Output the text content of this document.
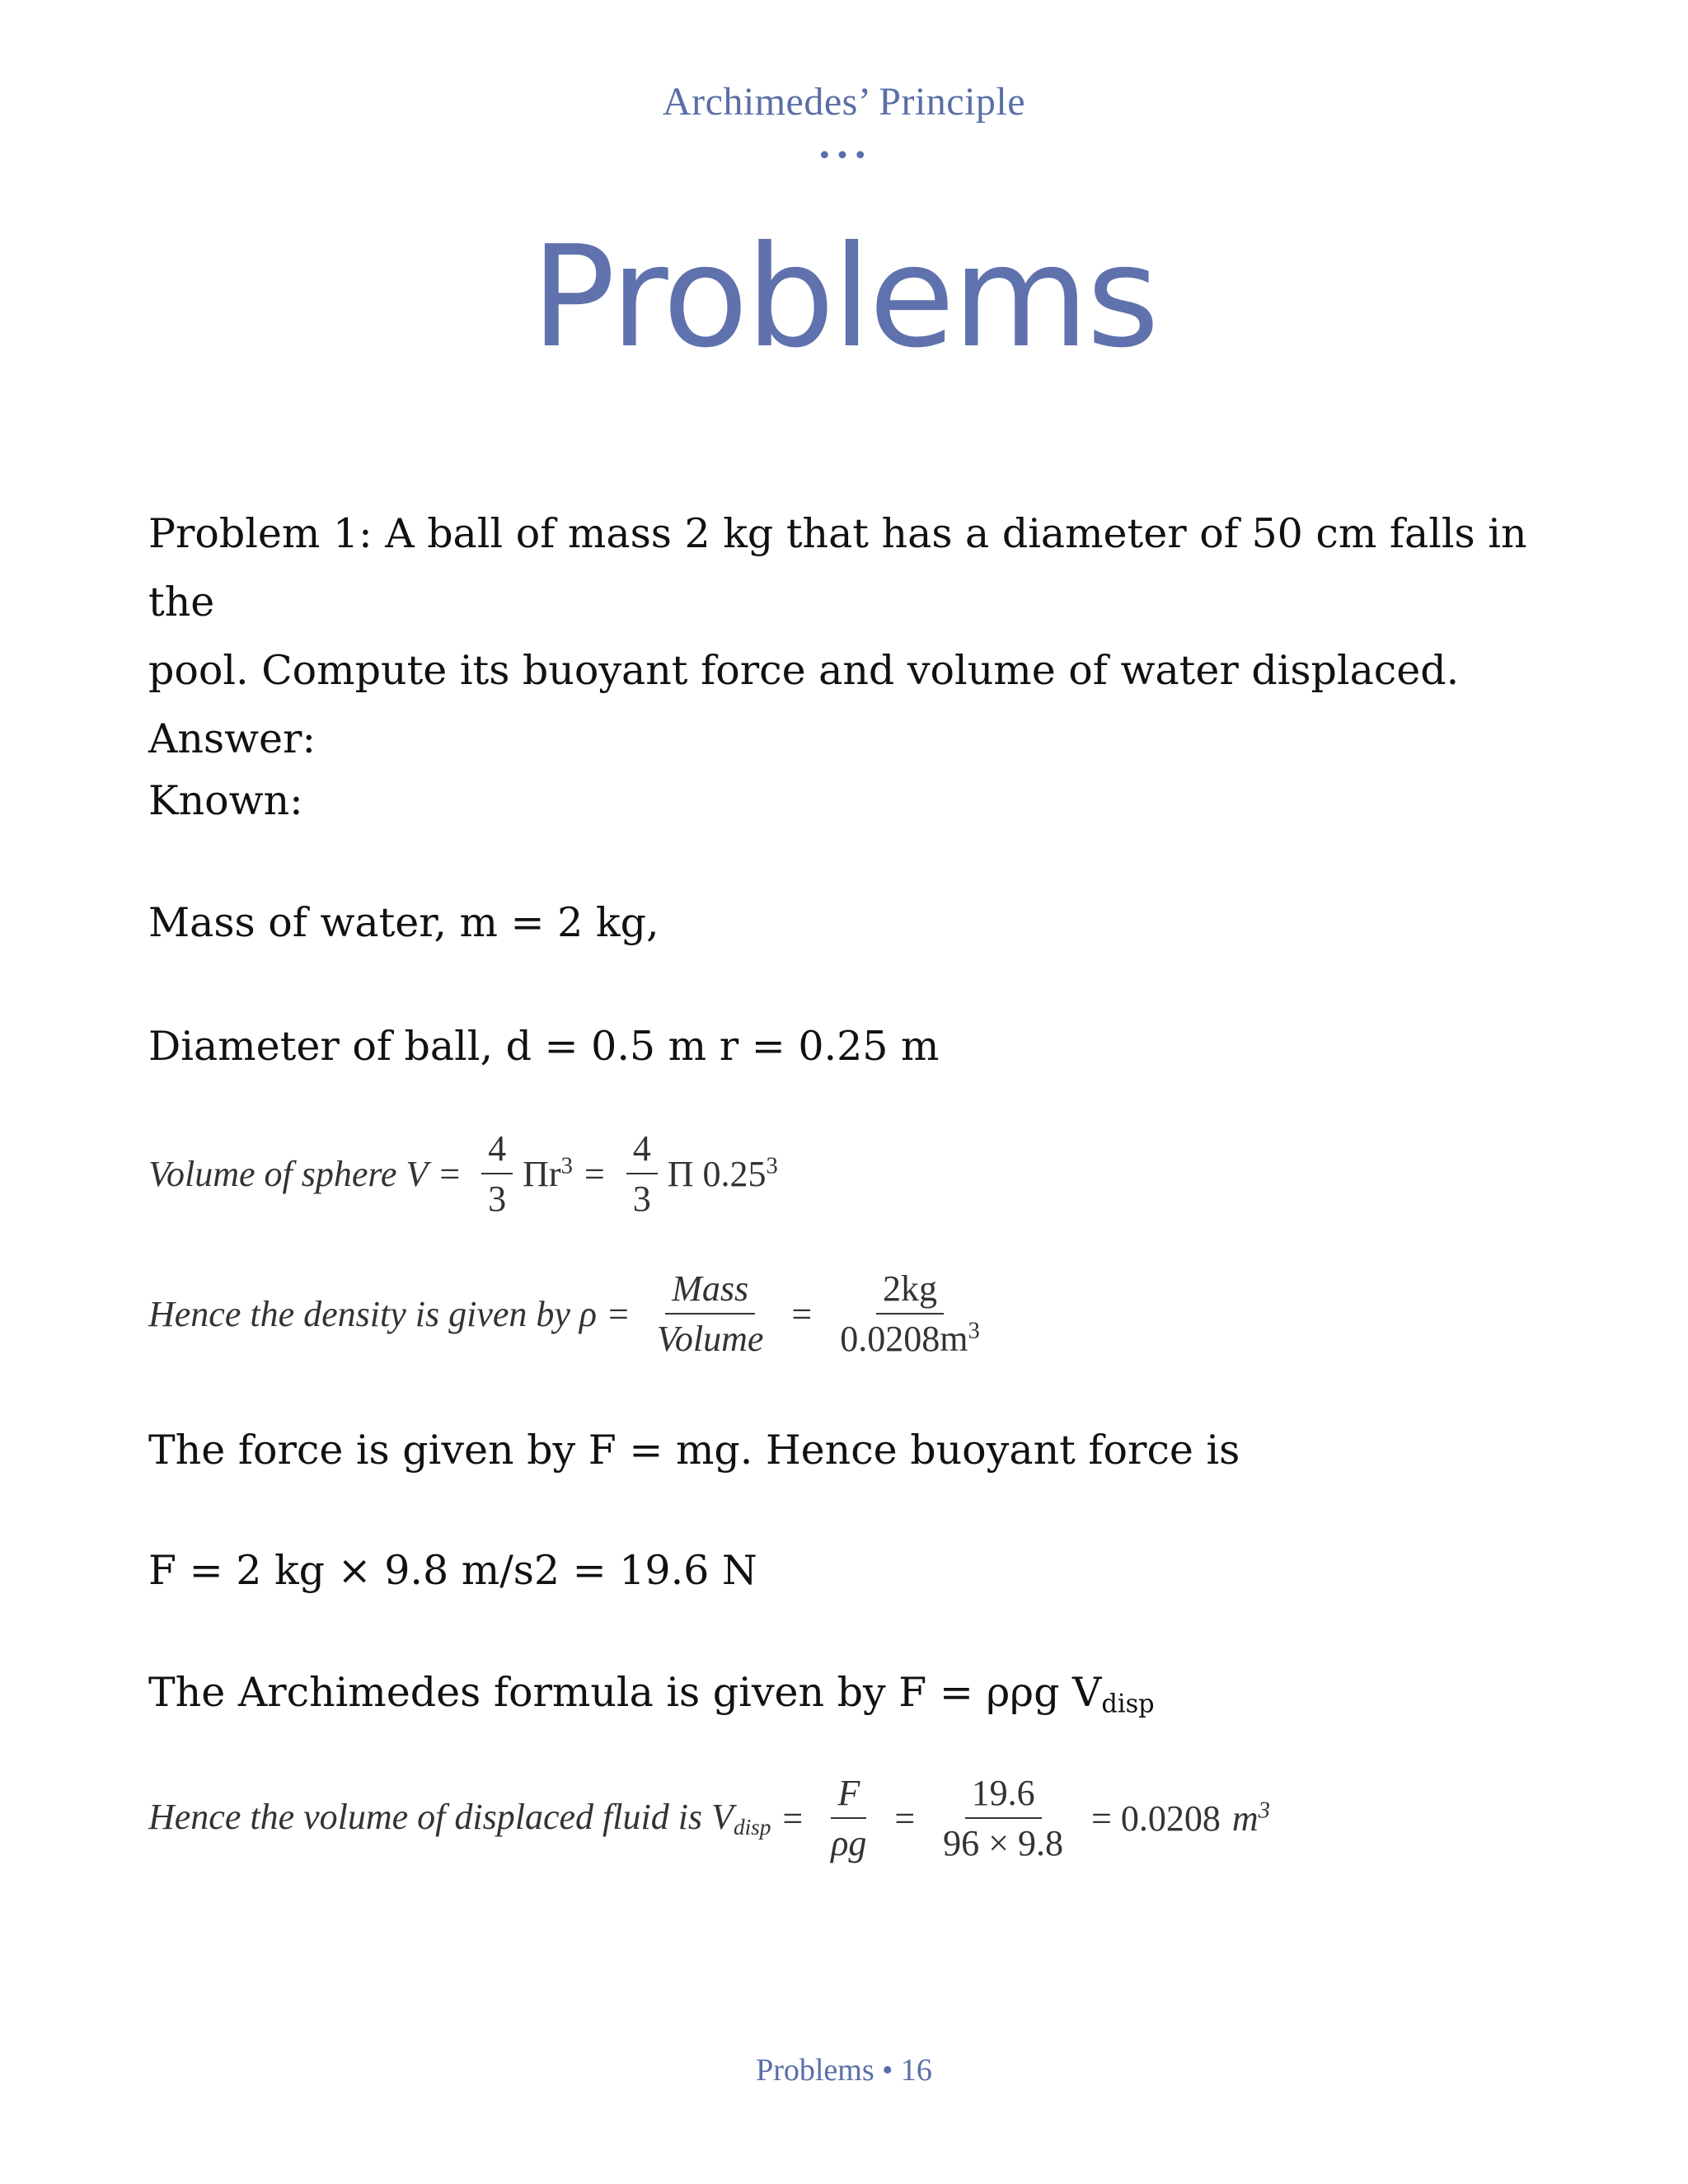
Archimedes’ Principle
•••
Problems
Problem 1: A ball of mass 2 kg that has a diameter of 50 cm falls in the
pool. Compute its buoyant force and volume of water displaced.
Answer:
Known:
Mass of water, m = 2 kg,
Diameter of ball, d = 0.5 m r = 0.25 m
Volume of sphere $V = \frac{4}{3} \Pi r^3 = \frac{4}{3}$ Π 0.25$^3$
Hence the density is given by $\rho = \frac{\text{Mass}}{\text{Volume}} = \frac{2kg}{0.0208m^3}$
The force is given by F = mg. Hence buoyant force is
F = 2 kg × 9.8 m/s2 = 19.6 N
The Archimedes formula is given by F = ρρg Vdisp
Hence the volume of displaced fluid is Vdisp = $\frac{F}{\rho g} = \frac{19.6}{96 \times 9.8} = 0.0208$ $m^3$
Problems • 16
